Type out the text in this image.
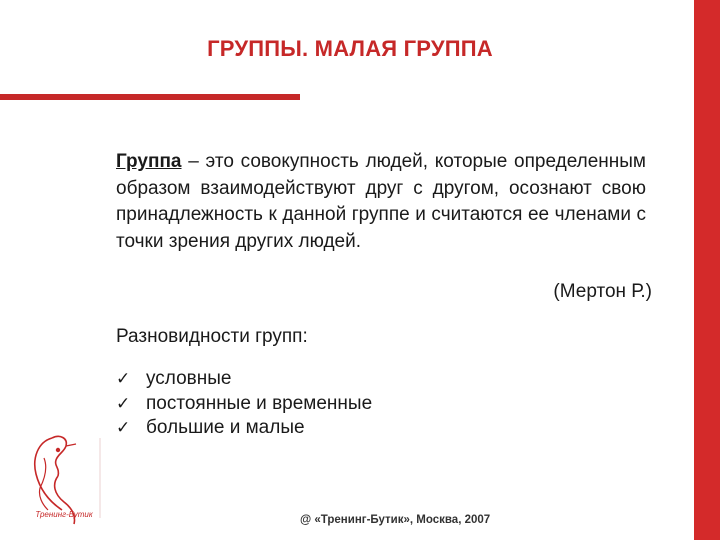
ГРУППЫ. МАЛАЯ ГРУППА
Группа – это совокупность людей, которые определенным образом взаимодействуют друг с другом, осознают свою принадлежность к данной группе и считаются ее членами с точки зрения других людей.
(Мертон Р.)
Разновидности групп:
✓ условные
✓ постоянные и временные
✓ большие и малые
Тренинг-Бутик	@ «Тренинг-Бутик», Москва, 2007
